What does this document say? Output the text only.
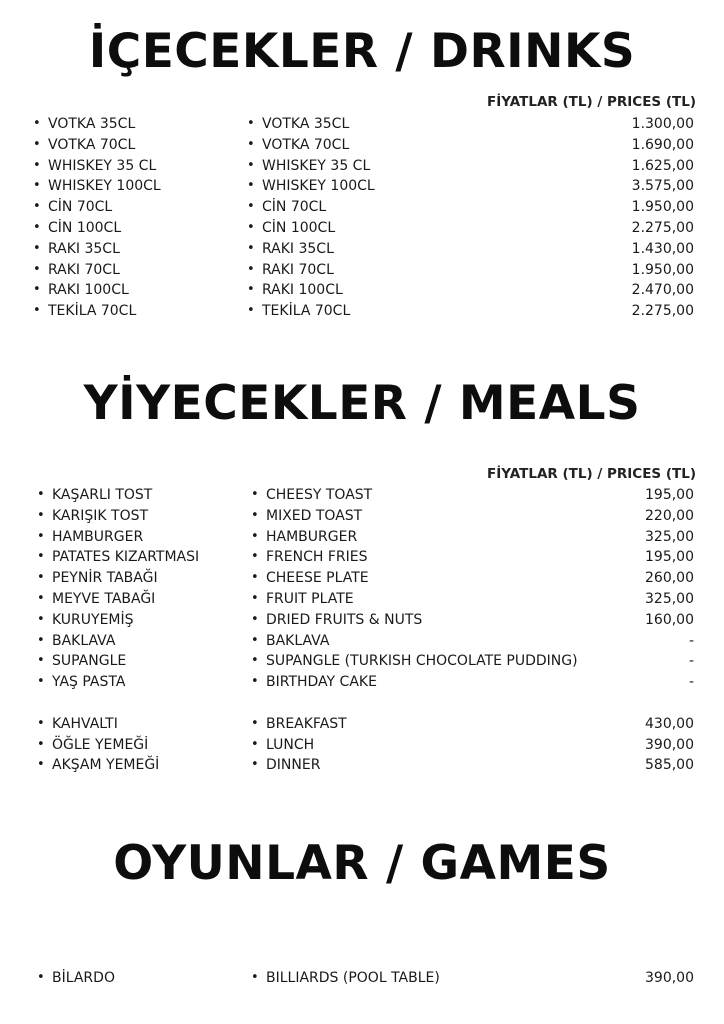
İÇECEKLER / DRINKS
FİYATLAR (TL) / PRICES (TL)
• VOTKA 35CL	• VOTKA 35CL	1.300,00
• VOTKA 70CL	• VOTKA 70CL	1.690,00
• WHISKEY 35 CL	• WHISKEY 35 CL	1.625,00
• WHISKEY 100CL	• WHISKEY 100CL	3.575,00
• CİN 70CL	• CİN 70CL	1.950,00
• CİN 100CL	• CİN 100CL	2.275,00
• RAKI 35CL	• RAKI 35CL	1.430,00
• RAKI 70CL	• RAKI 70CL	1.950,00
• RAKI 100CL	• RAKI 100CL	2.470,00
• TEKİLA 70CL	• TEKİLA 70CL	2.275,00
YİYECEKLER / MEALS
FİYATLAR (TL) / PRICES (TL)
• KAŞARLI TOST	• CHEESY TOAST	195,00
• KARIŞIK TOST	• MIXED TOAST	220,00
• HAMBURGER	• HAMBURGER	325,00
• PATATES KIZARTMASI	• FRENCH FRIES	195,00
• PEYNİR TABAĞI	• CHEESE PLATE	260,00
• MEYVE TABAĞI	• FRUIT PLATE	325,00
• KURUYEMİŞ	• DRIED FRUITS & NUTS	160,00
• BAKLAVA	• BAKLAVA	-
• SUPANGLE	• SUPANGLE (TURKISH CHOCOLATE PUDDING)	-
• YAŞ PASTA	• BIRTHDAY CAKE	-
• KAHVALTI	• BREAKFAST	430,00
• ÖĞLE YEMEĞİ	• LUNCH	390,00
• AKŞAM YEMEĞİ	• DINNER	585,00
OYUNLAR / GAMES
• BİLARDO	• BILLIARDS (POOL TABLE)	390,00
